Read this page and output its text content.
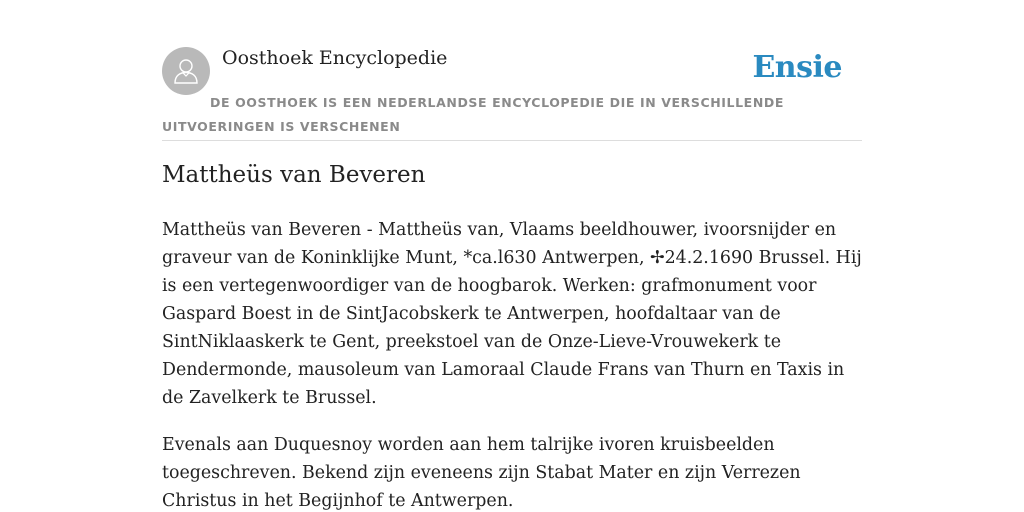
Oosthoek Encyclopedie	Ensie
DE OOSTHOEK IS EEN NEDERLANDSE ENCYCLOPEDIE DIE IN VERSCHILLENDE UITVOERINGEN IS VERSCHENEN
Mattheüs van Beveren

Mattheüs van Beveren - Mattheüs van, Vlaams beeldhouwer, ivoorsnijder en graveur van de Koninklijke Munt, *ca.l630 Antwerpen, ✢24.2.1690 Brussel. Hij is een vertegenwoordiger van de hoogbarok. Werken: grafmonument voor Gaspard Boest in de SintJacobskerk te Antwerpen, hoofdaltaar van de SintNiklaaskerk te Gent, preekstoel van de Onze-Lieve-Vrouwekerk te Dendermonde, mausoleum van Lamoraal Claude Frans van Thurn en Taxis in de Zavelkerk te Brussel.

Evenals aan Duquesnoy worden aan hem talrijke ivoren kruisbeelden toegeschreven. Bekend zijn eveneens zijn Stabat Mater en zijn Verrezen Christus in het Begijnhof te Antwerpen.
